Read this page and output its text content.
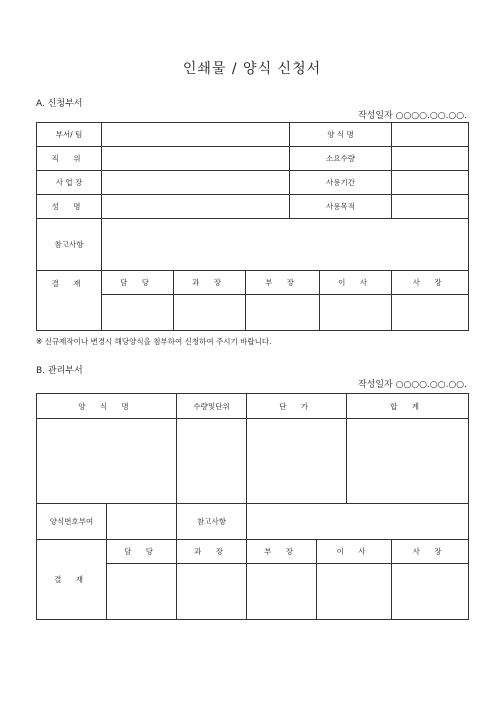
인쇄물 / 양식 신청서
A. 신청부서
작성일자 ○○○○.○○.○○.
부서/ 팀				양 식 명		
직 위				소요수량		
사 업 장				사용기간		
성 명				사용목적		
참고사항						
결 재	담 당	과 장	부 장		이 사	사 장

※ 신규제작이나 변경시 해당양식을 첨부하여 신청하여 주시기 바랍니다.
B. 관리부서
작성일자 ○○○○.○○.○○.
양 식 명		수량및단위	단 가		합 계	

양식번호부여		참고사항				
결 재	담 당	과 장	부 장	이 사		사 장
